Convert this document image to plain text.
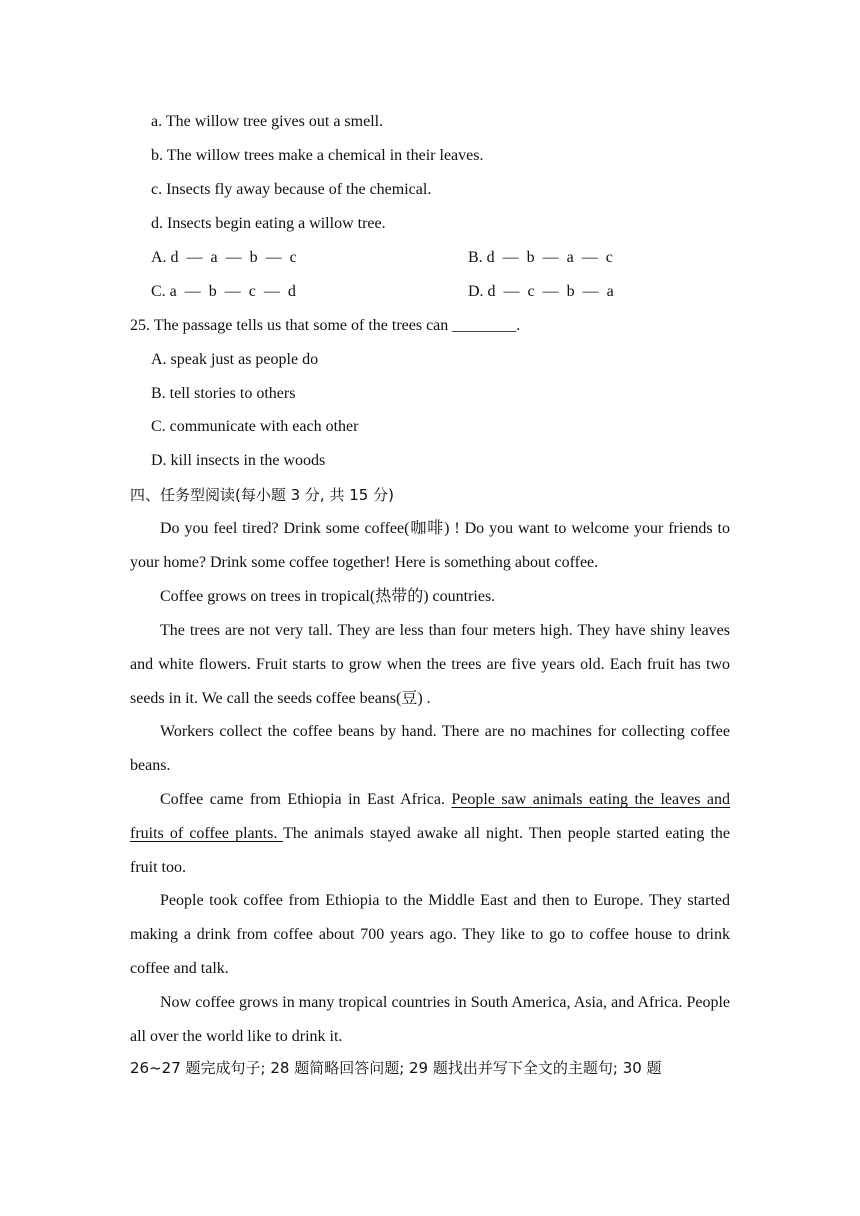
a. The willow tree gives out a smell.
b. The willow trees make a chemical in their leaves.
c. Insects fly away because of the chemical.
d. Insects begin eating a willow tree.
A. d  —  a  —  b  —  c	B. d  —  b  —  a  —  c
C. a  —  b  —  c  —  d	D. d  —  c  —  b  —  a
25. The passage tells us that some of the trees can ________.
A. speak just as people do
B. tell stories to others
C. communicate with each other
D. kill insects in the woods
四、任务型阅读(每小题 3 分, 共 15 分)
Do you feel tired? Drink some coffee(咖啡) ! Do you want to welcome your friends to your home? Drink some coffee together! Here is something about coffee.
Coffee grows on trees in tropical(热带的) countries.
The trees are not very tall. They are less than four meters high. They have shiny leaves and white flowers. Fruit starts to grow when the trees are five years old. Each fruit has two seeds in it. We call the seeds coffee beans(豆) .
Workers collect the coffee beans by hand. There are no machines for collecting coffee beans.
Coffee came from Ethiopia in East Africa. People saw animals eating the leaves and fruits of coffee plants. The animals stayed awake all night. Then people started eating the fruit too.
People took coffee from Ethiopia to the Middle East and then to Europe. They started making a drink from coffee about 700 years ago. They like to go to coffee house to drink coffee and talk.
Now coffee grows in many tropical countries in South America, Asia, and Africa. People all over the world like to drink it.
26~27 题完成句子; 28 题简略回答问题; 29 题找出并写下全文的主题句; 30 题
